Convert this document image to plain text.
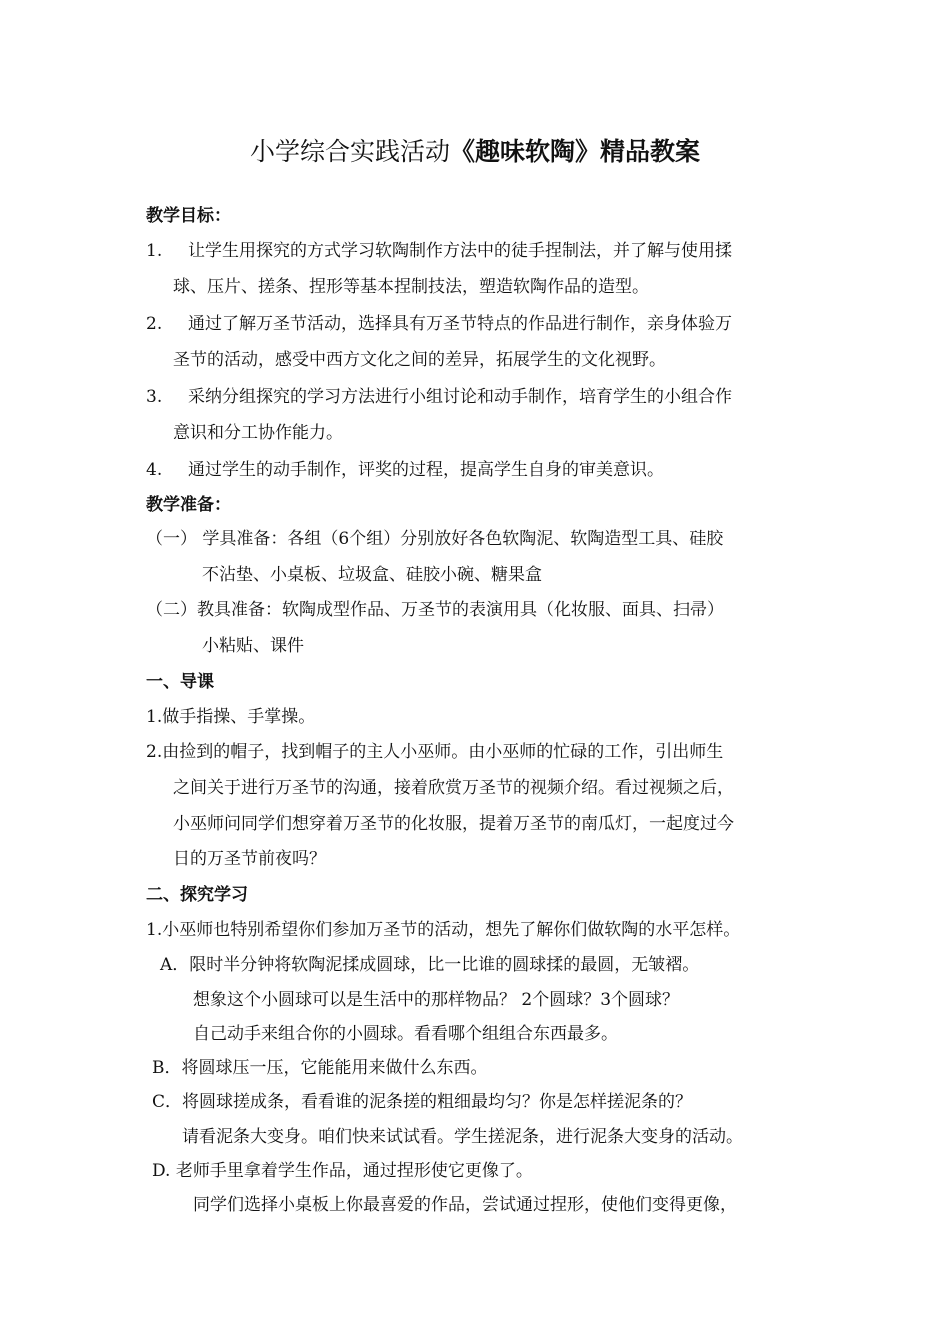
小学综合实践活动《趣味软陶》精品教案
教学目标：
1. 让学生用探究的方式学习软陶制作方法中的徒手捏制法，并了解与使用揉
球、压片、搓条、捏形等基本捏制技法，塑造软陶作品的造型。
2. 通过了解万圣节活动，选择具有万圣节特点的作品进行制作，亲身体验万
圣节的活动，感受中西方文化之间的差异，拓展学生的文化视野。
3. 采纳分组探究的学习方法进行小组讨论和动手制作，培育学生的小组合作
意识和分工协作能力。
4. 通过学生的动手制作，评奖的过程，提高学生自身的审美意识。
教学准备：
（一） 学具准备：各组（6个组）分别放好各色软陶泥、软陶造型工具、硅胶
不沾垫、小桌板、垃圾盒、硅胶小碗、糖果盒
（二）教具准备：软陶成型作品、万圣节的表演用具（化妆服、面具、扫帚）
小粘贴、课件
一、导课
1.做手指操、手掌操。
2.由捡到的帽子，找到帽子的主人小巫师。由小巫师的忙碌的工作，引出师生
之间关于进行万圣节的沟通，接着欣赏万圣节的视频介绍。看过视频之后，
小巫师问同学们想穿着万圣节的化妆服，提着万圣节的南瓜灯，一起度过今
日的万圣节前夜吗？
二、探究学习
1.小巫师也特别希望你们参加万圣节的活动，想先了解你们做软陶的水平怎样。
A．限时半分钟将软陶泥揉成圆球，比一比谁的圆球揉的最圆，无皱褶。
想象这个小圆球可以是生活中的那样物品？ 2个圆球？3个圆球？
自己动手来组合你的小圆球。看看哪个组组合东西最多。
B．将圆球压一压，它能能用来做什么东西。
C．将圆球搓成条，看看谁的泥条搓的粗细最均匀？你是怎样搓泥条的？
请看泥条大变身。咱们快来试试看。学生搓泥条，进行泥条大变身的活动。
D. 老师手里拿着学生作品，通过捏形使它更像了。
同学们选择小桌板上你最喜爱的作品，尝试通过捏形，使他们变得更像，
